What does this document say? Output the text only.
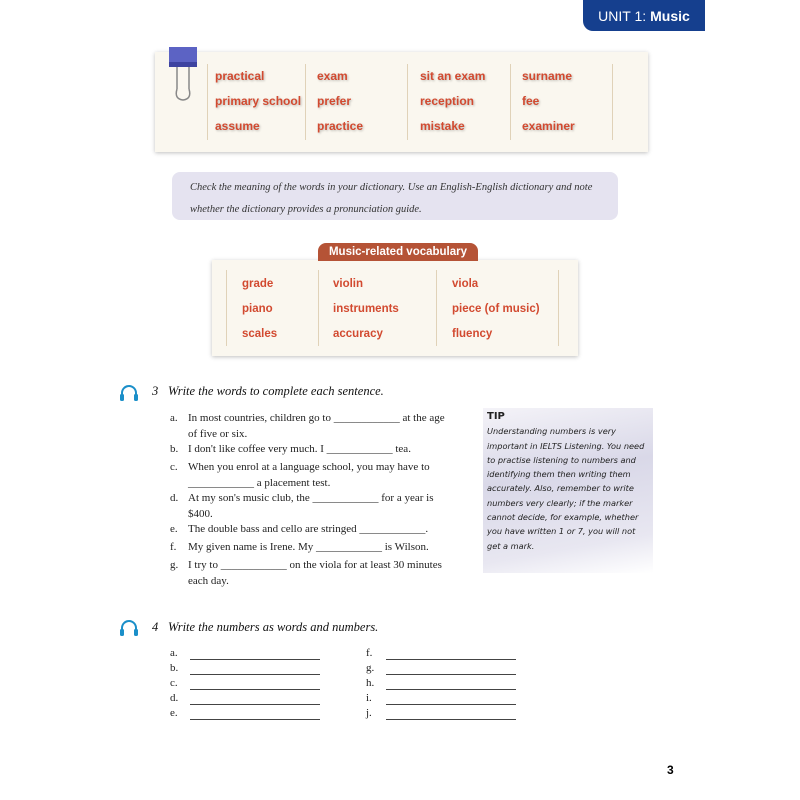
UNIT 1: Music
practical
primary school
assume
exam
prefer
practice
sit an exam
reception
mistake
surname
fee
examiner
Check the meaning of the words in your dictionary. Use an English-English dictionary and note whether the dictionary provides a pronunciation guide.
grade
piano
scales
violin
instruments
accuracy
viola
piece (of music)
fluency
Music-related vocabulary
3 Write the words to complete each sentence.
a. In most countries, children go to ____________ at the age of five or six.
b. I don't like coffee very much. I ____________ tea.
c. When you enrol at a language school, you may have to ____________ a placement test.
d. At my son's music club, the ____________ for a year is $400.
e. The double bass and cello are stringed ____________.
f. My given name is Irene. My ____________ is Wilson.
g. I try to ____________ on the viola for at least 30 minutes each day.
TIP
Understanding numbers is very important in IELTS Listening. You need to practise listening to numbers and identifying them then writing them accurately. Also, remember to write numbers very clearly; if the marker cannot decide, for example, whether you have written 1 or 7, you will not get a mark.
4 Write the numbers as words and numbers.
a.
b.
c.
d.
e.
f.
g.
h.
i.
j.
3
